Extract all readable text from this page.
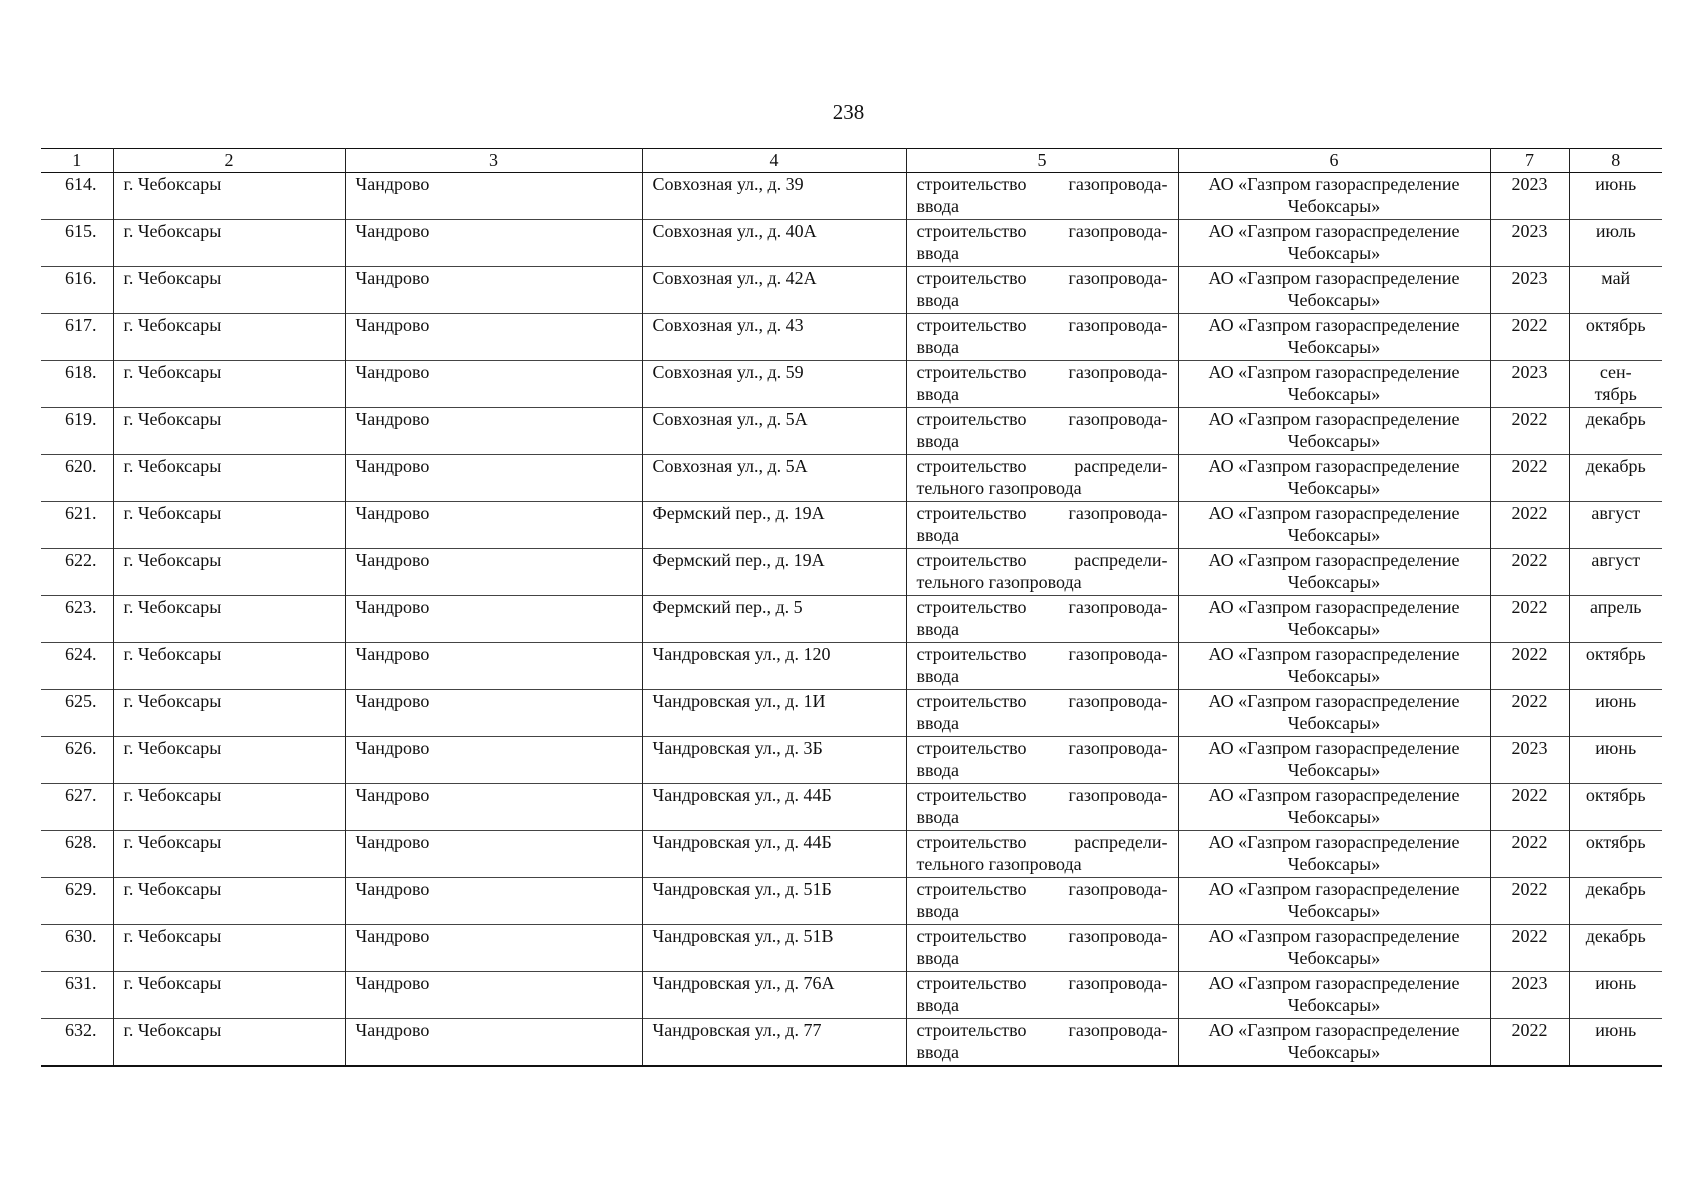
238
1	2	3	4	5	6	7	8
614.	г. Чебоксары	Чандрово	Совхозная ул., д. 39	строительство газопровода-ввода	АО «Газпром газораспределение Чебоксары»	2023	июнь
615.	г. Чебоксары	Чандрово	Совхозная ул., д. 40А	строительство газопровода-ввода	АО «Газпром газораспределение Чебоксары»	2023	июль
616.	г. Чебоксары	Чандрово	Совхозная ул., д. 42А	строительство газопровода-ввода	АО «Газпром газораспределение Чебоксары»	2023	май
617.	г. Чебоксары	Чандрово	Совхозная ул., д. 43	строительство газопровода-ввода	АО «Газпром газораспределение Чебоксары»	2022	октябрь
618.	г. Чебоксары	Чандрово	Совхозная ул., д. 59	строительство газопровода-ввода	АО «Газпром газораспределение Чебоксары»	2023	сен-
тябрь
619.	г. Чебоксары	Чандрово	Совхозная ул., д. 5А	строительство газопровода-ввода	АО «Газпром газораспределение Чебоксары»	2022	декабрь
620.	г. Чебоксары	Чандрово	Совхозная ул., д. 5А	строительство распределительного газопровода	АО «Газпром газораспределение Чебоксары»	2022	декабрь
621.	г. Чебоксары	Чандрово	Фермский пер., д. 19А	строительство газопровода-ввода	АО «Газпром газораспределение Чебоксары»	2022	август
622.	г. Чебоксары	Чандрово	Фермский пер., д. 19А	строительство распределительного газопровода	АО «Газпром газораспределение Чебоксары»	2022	август
623.	г. Чебоксары	Чандрово	Фермский пер., д. 5	строительство газопровода-ввода	АО «Газпром газораспределение Чебоксары»	2022	апрель
624.	г. Чебоксары	Чандрово	Чандровская ул., д. 120	строительство газопровода-ввода	АО «Газпром газораспределение Чебоксары»	2022	октябрь
625.	г. Чебоксары	Чандрово	Чандровская ул., д. 1И	строительство газопровода-ввода	АО «Газпром газораспределение Чебоксары»	2022	июнь
626.	г. Чебоксары	Чандрово	Чандровская ул., д. 3Б	строительство газопровода-ввода	АО «Газпром газораспределение Чебоксары»	2023	июнь
627.	г. Чебоксары	Чандрово	Чандровская ул., д. 44Б	строительство газопровода-ввода	АО «Газпром газораспределение Чебоксары»	2022	октябрь
628.	г. Чебоксары	Чандрово	Чандровская ул., д. 44Б	строительство распределительного газопровода	АО «Газпром газораспределение Чебоксары»	2022	октябрь
629.	г. Чебоксары	Чандрово	Чандровская ул., д. 51Б	строительство газопровода-ввода	АО «Газпром газораспределение Чебоксары»	2022	декабрь
630.	г. Чебоксары	Чандрово	Чандровская ул., д. 51В	строительство газопровода-ввода	АО «Газпром газораспределение Чебоксары»	2022	декабрь
631.	г. Чебоксары	Чандрово	Чандровская ул., д. 76А	строительство газопровода-ввода	АО «Газпром газораспределение Чебоксары»	2023	июнь
632.	г. Чебоксары	Чандрово	Чандровская ул., д. 77	строительство газопровода-ввода	АО «Газпром газораспределение Чебоксары»	2022	июнь
